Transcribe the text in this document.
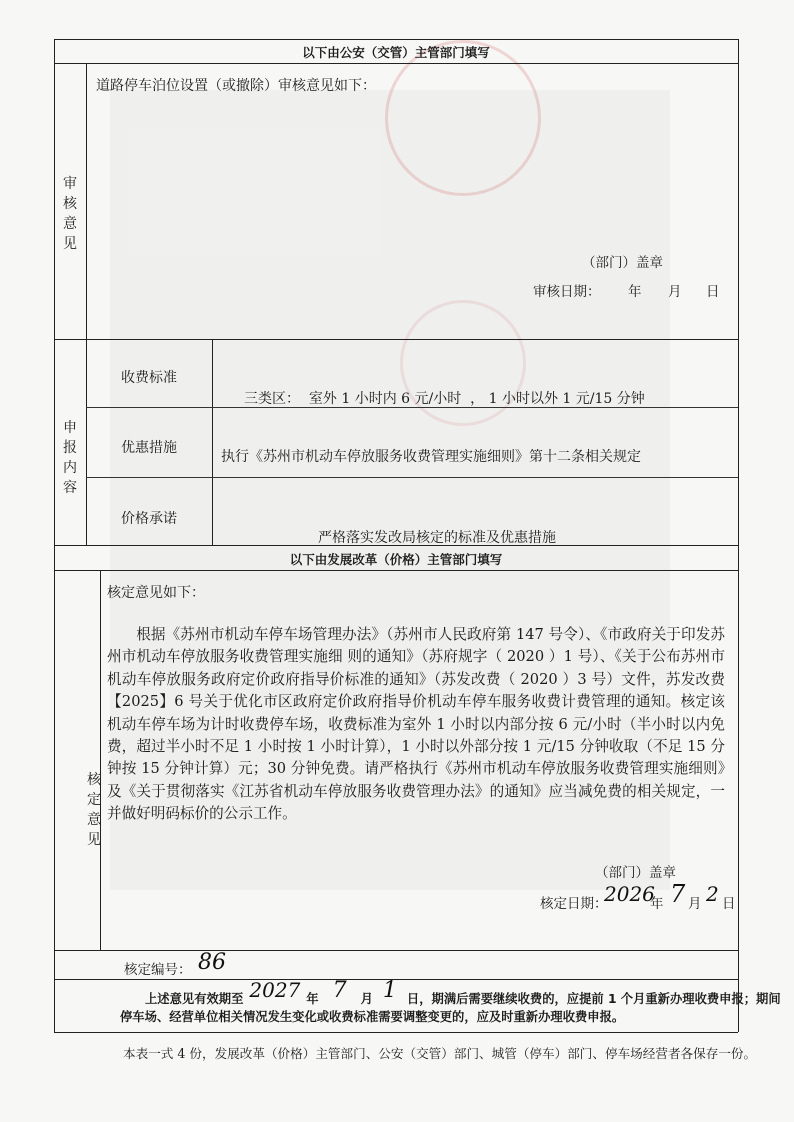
以下由公安（交管）主管部门填写
审核意见
道路停车泊位设置（或撤除）审核意见如下：
（部门）盖章
审核日期： 年 月 日
申报内容
收费标准
三类区：  室外 1 小时内 6 元/小时  ， 1 小时以外 1 元/15 分钟
优惠措施
执行《苏州市机动车停放服务收费管理实施细则》第十二条相关规定
价格承诺
严格落实发改局核定的标准及优惠措施
以下由发展改革（价格）主管部门填写
核定意见
核定意见如下：
根据《苏州市机动车停车场管理办法》（苏州市人民政府第 147 号令）、《市政府关于印发苏州市机动车停放服务收费管理实施细 则的通知》（苏府规字（ 2020 ）1 号）、《关于公布苏州市机动车停放服务政府定价政府指导价标准的通知》（苏发改费（ 2020 ）3 号）文件，苏发改费【2025】6 号关于优化市区政府定价政府指导价机动车停车服务收费计费管理的通知。核定该机动车停车场为计时收费停车场，收费标准为室外 1 小时以内部分按 6 元/小时（半小时以内免费，超过半小时不足 1 小时按 1 小时计算），1 小时以外部分按 1 元/15 分钟收取（不足 15 分钟按 15 分钟计算）元；30 分钟免费。请严格执行《苏州市机动车停放服务收费管理实施细则》及《关于贯彻落实《江苏省机动车停放服务收费管理办法》的通知》应当减免费的相关规定，一并做好明码标价的公示工作。
（部门）盖章
核定日期：
2026
年 7 月 2 日
核定编号： 86
上述意见有效期至 2027 年 7 月 1 日，期满后需要继续收费的，应提前 1 个月重新办理收费申报；期间
停车场、经营单位相关情况发生变化或收费标准需要调整变更的，应及时重新办理收费申报。
本表一式 4 份，发展改革（价格）主管部门、公安（交管）部门、城管（停车）部门、停车场经营者各保存一份。
